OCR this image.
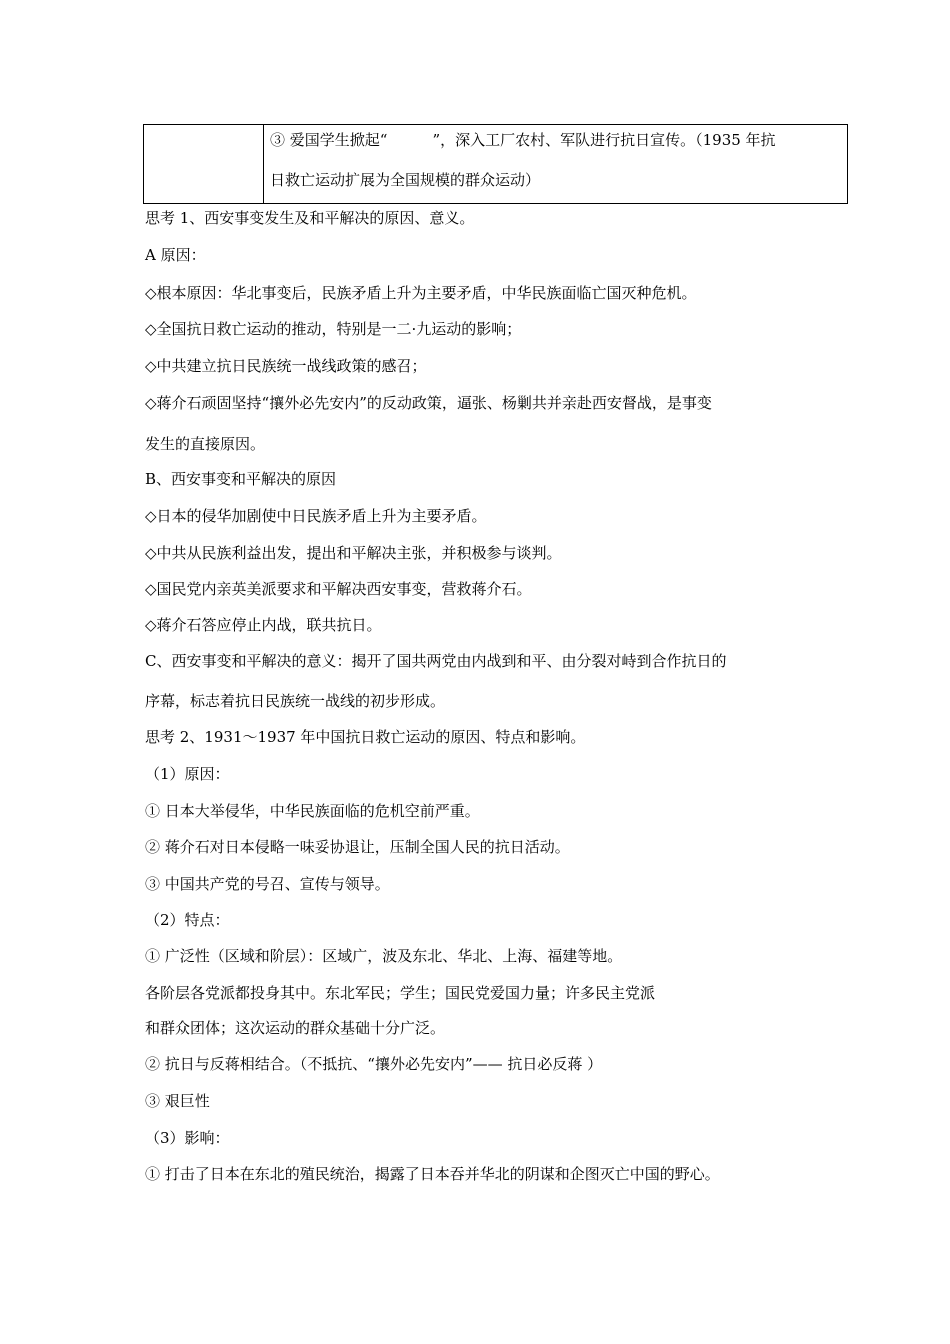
③ 爱国学生掀起“　　　”，深入工厂农村、军队进行抗日宣传。（1935 年抗
日救亡运动扩展为全国规模的群众运动）
思考 1、西安事变发生及和平解决的原因、意义。
A 原因：
◇根本原因：华北事变后，民族矛盾上升为主要矛盾，中华民族面临亡国灭种危机。
◇全国抗日救亡运动的推动，特别是一二·九运动的影响；
◇中共建立抗日民族统一战线政策的感召；
◇蒋介石顽固坚持“攘外必先安内”的反动政策，逼张、杨剿共并亲赴西安督战，是事变
发生的直接原因。
B、西安事变和平解决的原因
◇日本的侵华加剧使中日民族矛盾上升为主要矛盾。
◇中共从民族利益出发，提出和平解决主张，并积极参与谈判。
◇国民党内亲英美派要求和平解决西安事变，营救蒋介石。
◇蒋介石答应停止内战，联共抗日。
C、西安事变和平解决的意义：揭开了国共两党由内战到和平、由分裂对峙到合作抗日的
序幕，标志着抗日民族统一战线的初步形成。
思考 2、1931～1937 年中国抗日救亡运动的原因、特点和影响。
（1）原因：
① 日本大举侵华，中华民族面临的危机空前严重。
② 蒋介石对日本侵略一味妥协退让，压制全国人民的抗日活动。
③ 中国共产党的号召、宣传与领导。
（2）特点：
① 广泛性（区域和阶层）：区域广，波及东北、华北、上海、福建等地。
各阶层各党派都投身其中。东北军民；学生；国民党爱国力量；许多民主党派
和群众团体；这次运动的群众基础十分广泛。
② 抗日与反蒋相结合。（不抵抗、“攘外必先安内”—— 抗日必反蒋 ）
③ 艰巨性
（3）影响：
① 打击了日本在东北的殖民统治，揭露了日本吞并华北的阴谋和企图灭亡中国的野心。
